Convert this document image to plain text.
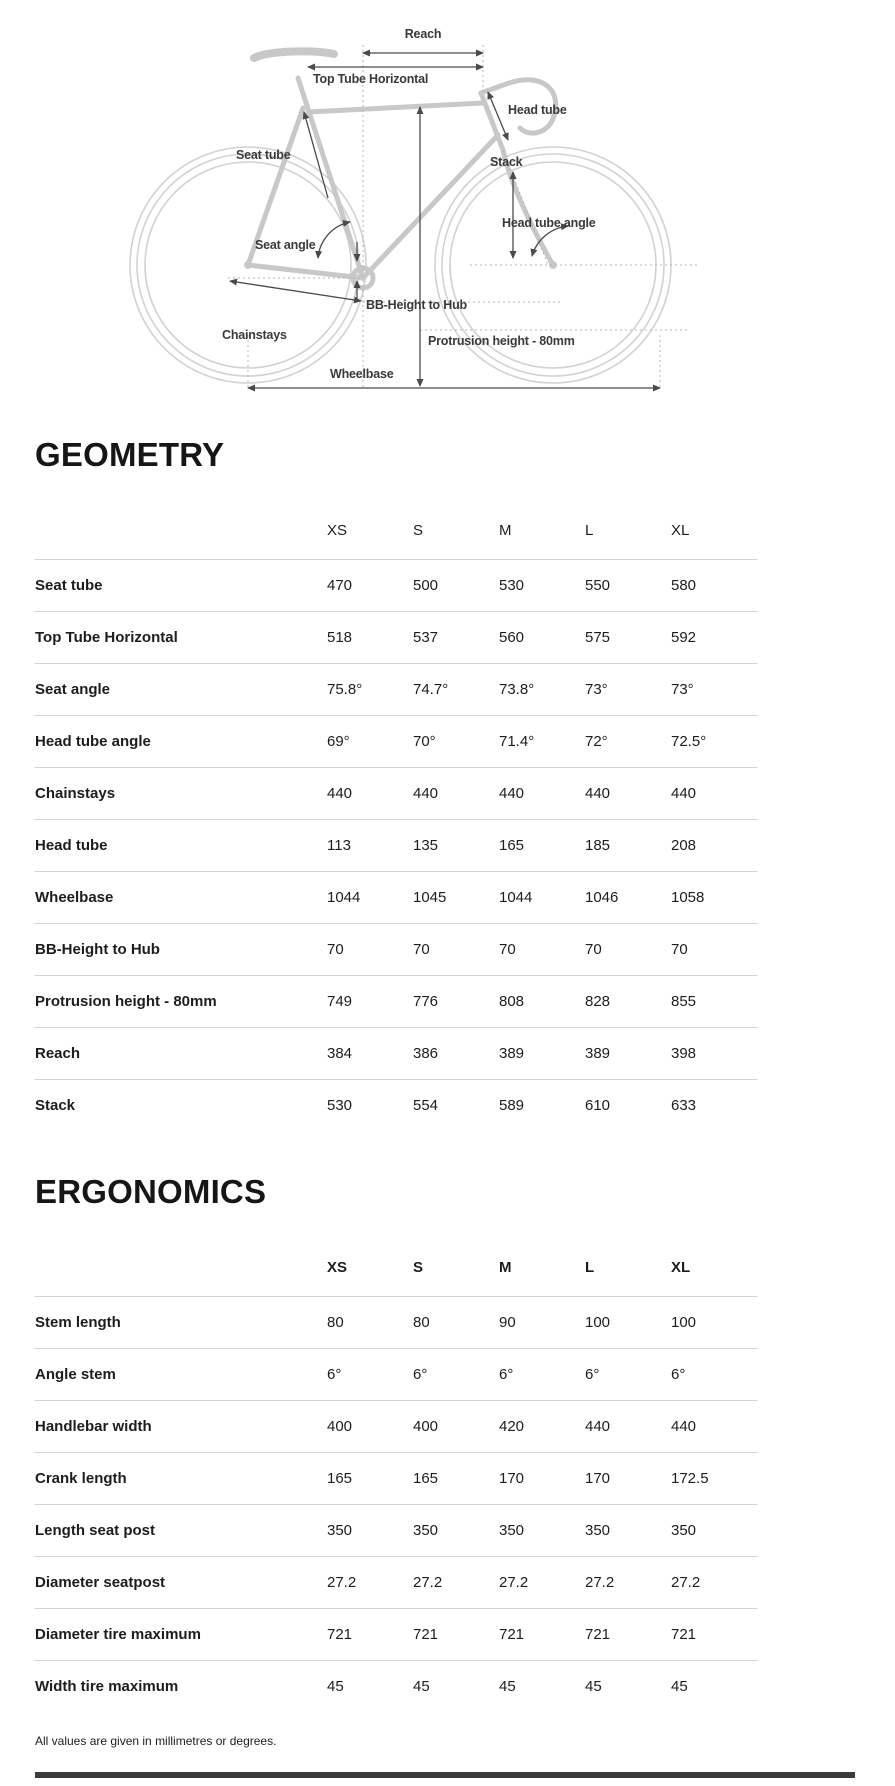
Reach
Top Tube Horizontal
Head tube
Seat tube	Stack
Head tube angle
Seat angle
BB-Height to Hub
Chainstays	Protrusion height - 80mm
Wheelbase
GEOMETRY
	XS	S	M	L	XL
Seat tube	470	500	530	550	580
Top Tube Horizontal	518	537	560	575	592
Seat angle	75.8°	74.7°	73.8°	73°	73°
Head tube angle	69°	70°	71.4°	72°	72.5°
Chainstays	440	440	440	440	440
Head tube	113	135	165	185	208
Wheelbase	1044	1045	1044	1046	1058
BB-Height to Hub	70	70	70	70	70
Protrusion height - 80mm	749	776	808	828	855
Reach	384	386	389	389	398
Stack	530	554	589	610	633
ERGONOMICS
	XS	S	M	L	XL
Stem length	80	80	90	100	100
Angle stem	6°	6°	6°	6°	6°
Handlebar width	400	400	420	440	440
Crank length	165	165	170	170	172.5
Length seat post	350	350	350	350	350
Diameter seatpost	27.2	27.2	27.2	27.2	27.2
Diameter tire maximum	721	721	721	721	721
Width tire maximum	45	45	45	45	45
All values are given in millimetres or degrees.
